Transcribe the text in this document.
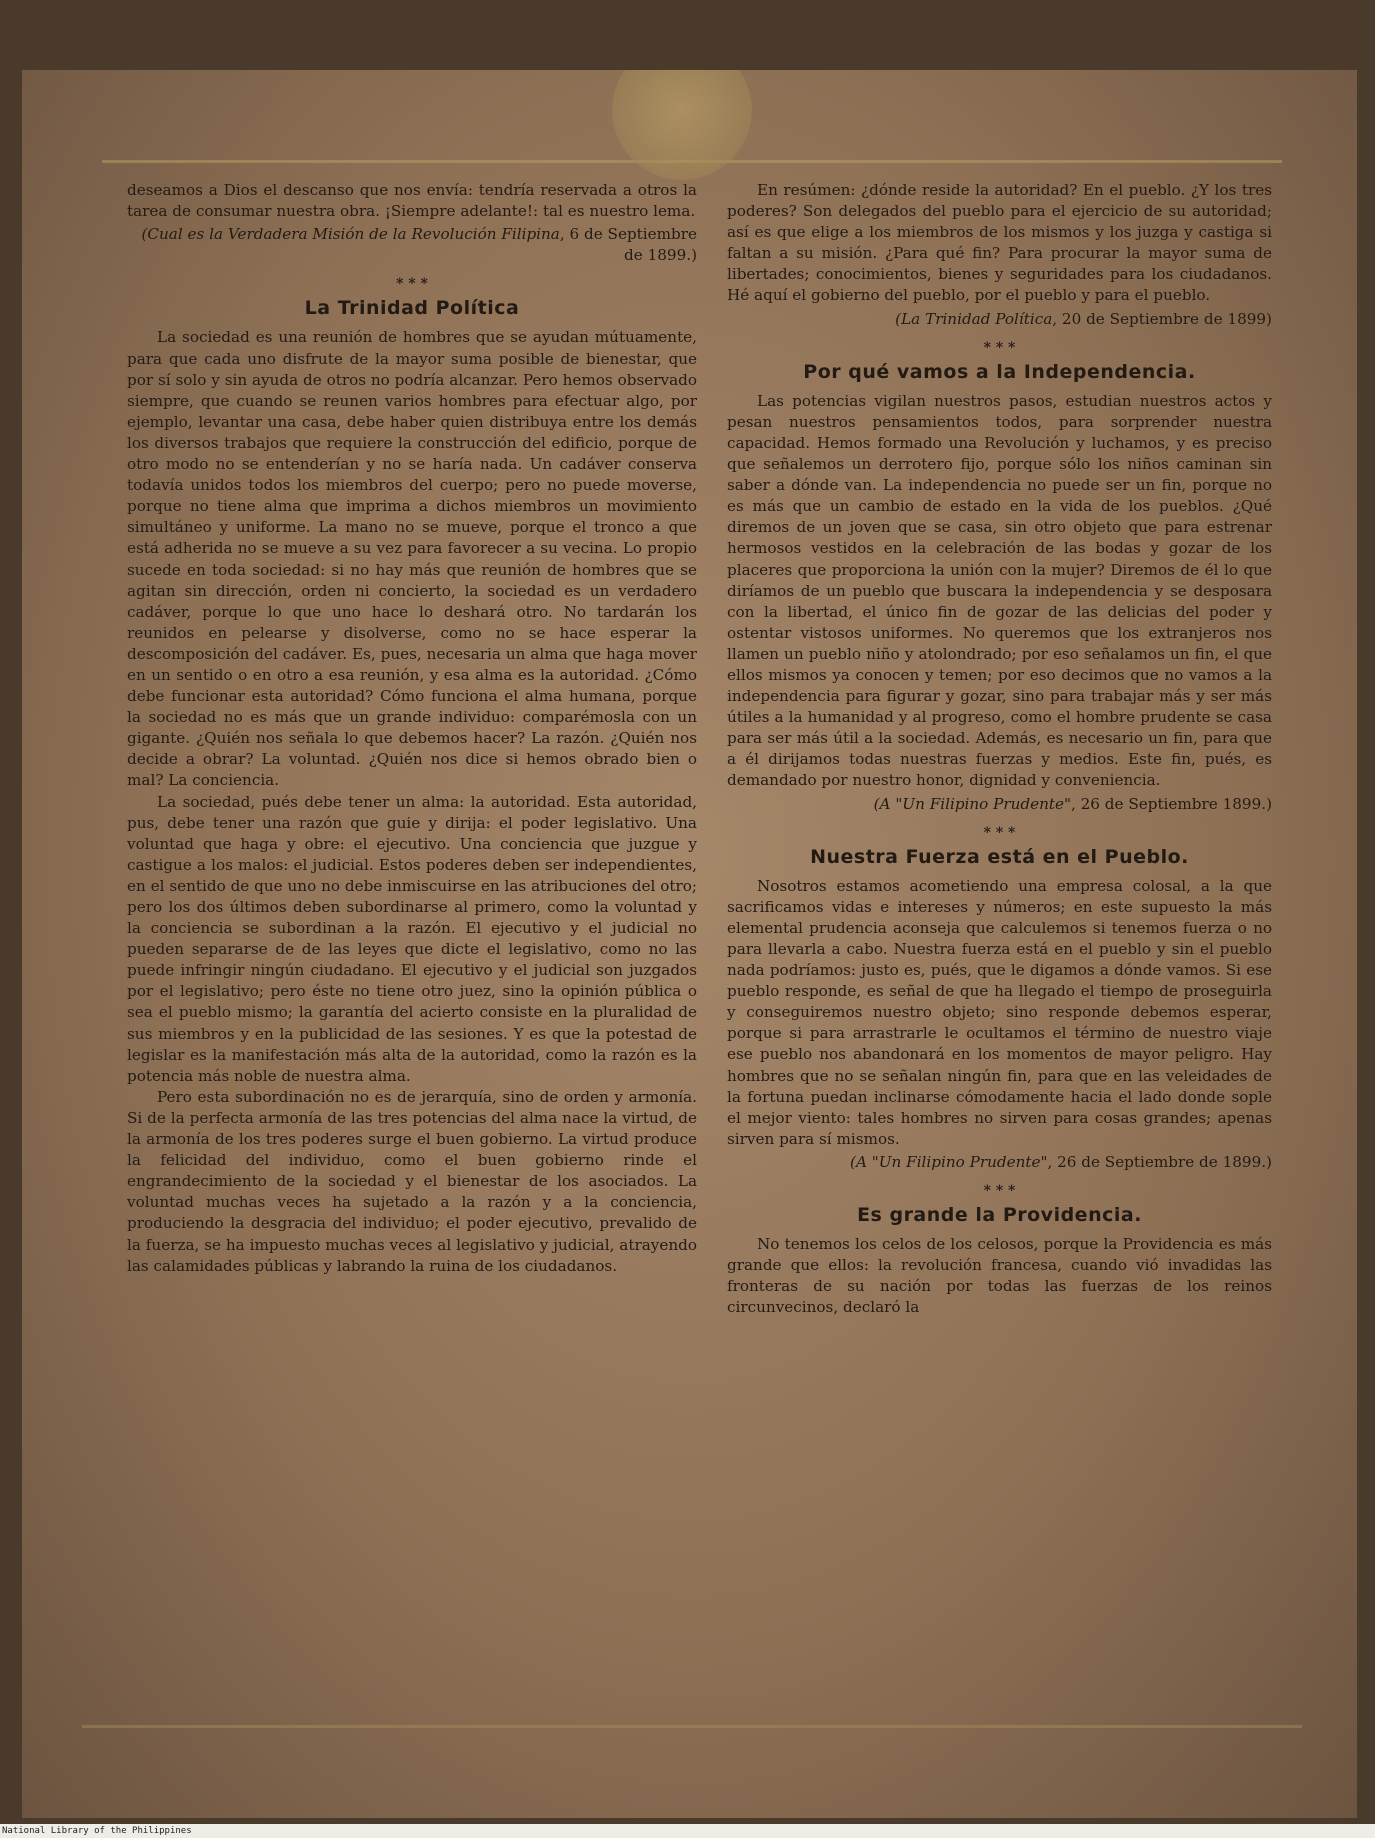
deseamos a Dios el descanso que nos envía: tendría reservada a otros la tarea de consumar nuestra obra. ¡Siempre adelante!: tal es nuestro lema.

(Cual es la Verdadera Misión de la Revolución Filipina, 6 de Septiembre de 1899.)
* * *
La Trinidad Política

La sociedad es una reunión de hombres que se ayudan mútuamente, para que cada uno disfrute de la mayor suma posible de bienestar, que por sí solo y sin ayuda de otros no podría alcanzar. Pero hemos observado siempre, que cuando se reunen varios hombres para efectuar algo, por ejemplo, levantar una casa, debe haber quien distribuya entre los demás los diversos trabajos que requiere la construcción del edificio, porque de otro modo no se entenderían y no se haría nada. Un cadáver conserva todavía unidos todos los miembros del cuerpo; pero no puede moverse, porque no tiene alma que imprima a dichos miembros un movimiento simultáneo y uniforme. La mano no se mueve, porque el tronco a que está adherida no se mueve a su vez para favorecer a su vecina. Lo propio sucede en toda sociedad: si no hay más que reunión de hombres que se agitan sin dirección, orden ni concierto, la sociedad es un verdadero cadáver, porque lo que uno hace lo deshará otro. No tardarán los reunidos en pelearse y disolverse, como no se hace esperar la descomposición del cadáver. Es, pues, necesaria un alma que haga mover en un sentido o en otro a esa reunión, y esa alma es la autoridad. ¿Cómo debe funcionar esta autoridad? Cómo funciona el alma humana, porque la sociedad no es más que un grande individuo: comparémosla con un gigante. ¿Quién nos señala lo que debemos hacer? La razón. ¿Quién nos decide a obrar? La voluntad. ¿Quién nos dice si hemos obrado bien o mal? La conciencia.

La sociedad, pués debe tener un alma: la autoridad. Esta autoridad, pus, debe tener una razón que guie y dirija: el poder legislativo. Una voluntad que haga y obre: el ejecutivo. Una conciencia que juzgue y castigue a los malos: el judicial. Estos poderes deben ser independientes, en el sentido de que uno no debe inmiscuirse en las atribuciones del otro; pero los dos últimos deben subordinarse al primero, como la voluntad y la conciencia se subordinan a la razón. El ejecutivo y el judicial no pueden separarse de de las leyes que dicte el legislativo, como no las puede infringir ningún ciudadano. El ejecutivo y el judicial son juzgados por el legislativo; pero éste no tiene otro juez, sino la opinión pública o sea el pueblo mismo; la garantía del acierto consiste en la pluralidad de sus miembros y en la publicidad de las sesiones. Y es que la potestad de legislar es la manifestación más alta de la autoridad, como la razón es la potencia más noble de nuestra alma.

Pero esta subordinación no es de jerarquía, sino de orden y armonía. Si de la perfecta armonía de las tres potencias del alma nace la virtud, de la armonía de los tres poderes surge el buen gobierno. La virtud produce la felicidad del individuo, como el buen gobierno rinde el engrandecimiento de la sociedad y el bienestar de los asociados. La voluntad muchas veces ha sujetado a la razón y a la conciencia, produciendo la desgracia del individuo; el poder ejecutivo, prevalido de la fuerza, se ha impuesto muchas veces al legislativo y judicial, atrayendo las calamidades públicas y labrando la ruina de los ciudadanos.

En resúmen: ¿dónde reside la autoridad? En el pueblo. ¿Y los tres poderes? Son delegados del pueblo para el ejercicio de su autoridad; así es que elige a los miembros de los mismos y los juzga y castiga si faltan a su misión. ¿Para qué fin? Para procurar la mayor suma de libertades; conocimientos, bienes y seguridades para los ciudadanos. Hé aquí el gobierno del pueblo, por el pueblo y para el pueblo.

(La Trinidad Política, 20 de Septiembre de 1899)
* * *
Por qué vamos a la Independencia.

Las potencias vigilan nuestros pasos, estudian nuestros actos y pesan nuestros pensamientos todos, para sorprender nuestra capacidad. Hemos formado una Revolución y luchamos, y es preciso que señalemos un derrotero fijo, porque sólo los niños caminan sin saber a dónde van. La independencia no puede ser un fin, porque no es más que un cambio de estado en la vida de los pueblos. ¿Qué diremos de un joven que se casa, sin otro objeto que para estrenar hermosos vestidos en la celebración de las bodas y gozar de los placeres que proporciona la unión con la mujer? Diremos de él lo que diríamos de un pueblo que buscara la independencia y se desposara con la libertad, el único fin de gozar de las delicias del poder y ostentar vistosos uniformes. No queremos que los extranjeros nos llamen un pueblo niño y atolondrado; por eso señalamos un fin, el que ellos mismos ya conocen y temen; por eso decimos que no vamos a la independencia para figurar y gozar, sino para trabajar más y ser más útiles a la humanidad y al progreso, como el hombre prudente se casa para ser más útil a la sociedad. Además, es necesario un fin, para que a él dirijamos todas nuestras fuerzas y medios. Este fin, pués, es demandado por nuestro honor, dignidad y conveniencia.

(A "Un Filipino Prudente", 26 de Septiembre 1899.)
* * *
Nuestra Fuerza está en el Pueblo.

Nosotros estamos acometiendo una empresa colosal, a la que sacrificamos vidas e intereses y números; en este supuesto la más elemental prudencia aconseja que calculemos si tenemos fuerza o no para llevarla a cabo. Nuestra fuerza está en el pueblo y sin el pueblo nada podríamos: justo es, pués, que le digamos a dónde vamos. Si ese pueblo responde, es señal de que ha llegado el tiempo de proseguirla y conseguiremos nuestro objeto; sino responde debemos esperar, porque si para arrastrarle le ocultamos el término de nuestro viaje ese pueblo nos abandonará en los momentos de mayor peligro. Hay hombres que no se señalan ningún fin, para que en las veleidades de la fortuna puedan inclinarse cómodamente hacia el lado donde sople el mejor viento: tales hombres no sirven para cosas grandes; apenas sirven para sí mismos.

(A "Un Filipino Prudente", 26 de Septiembre de 1899.)
* * *
Es grande la Providencia.

No tenemos los celos de los celosos, porque la Providencia es más grande que ellos: la revolución francesa, cuando vió invadidas las fronteras de su nación por todas las fuerzas de los reinos circunvecinos, declaró la

National Library of the Philippines
